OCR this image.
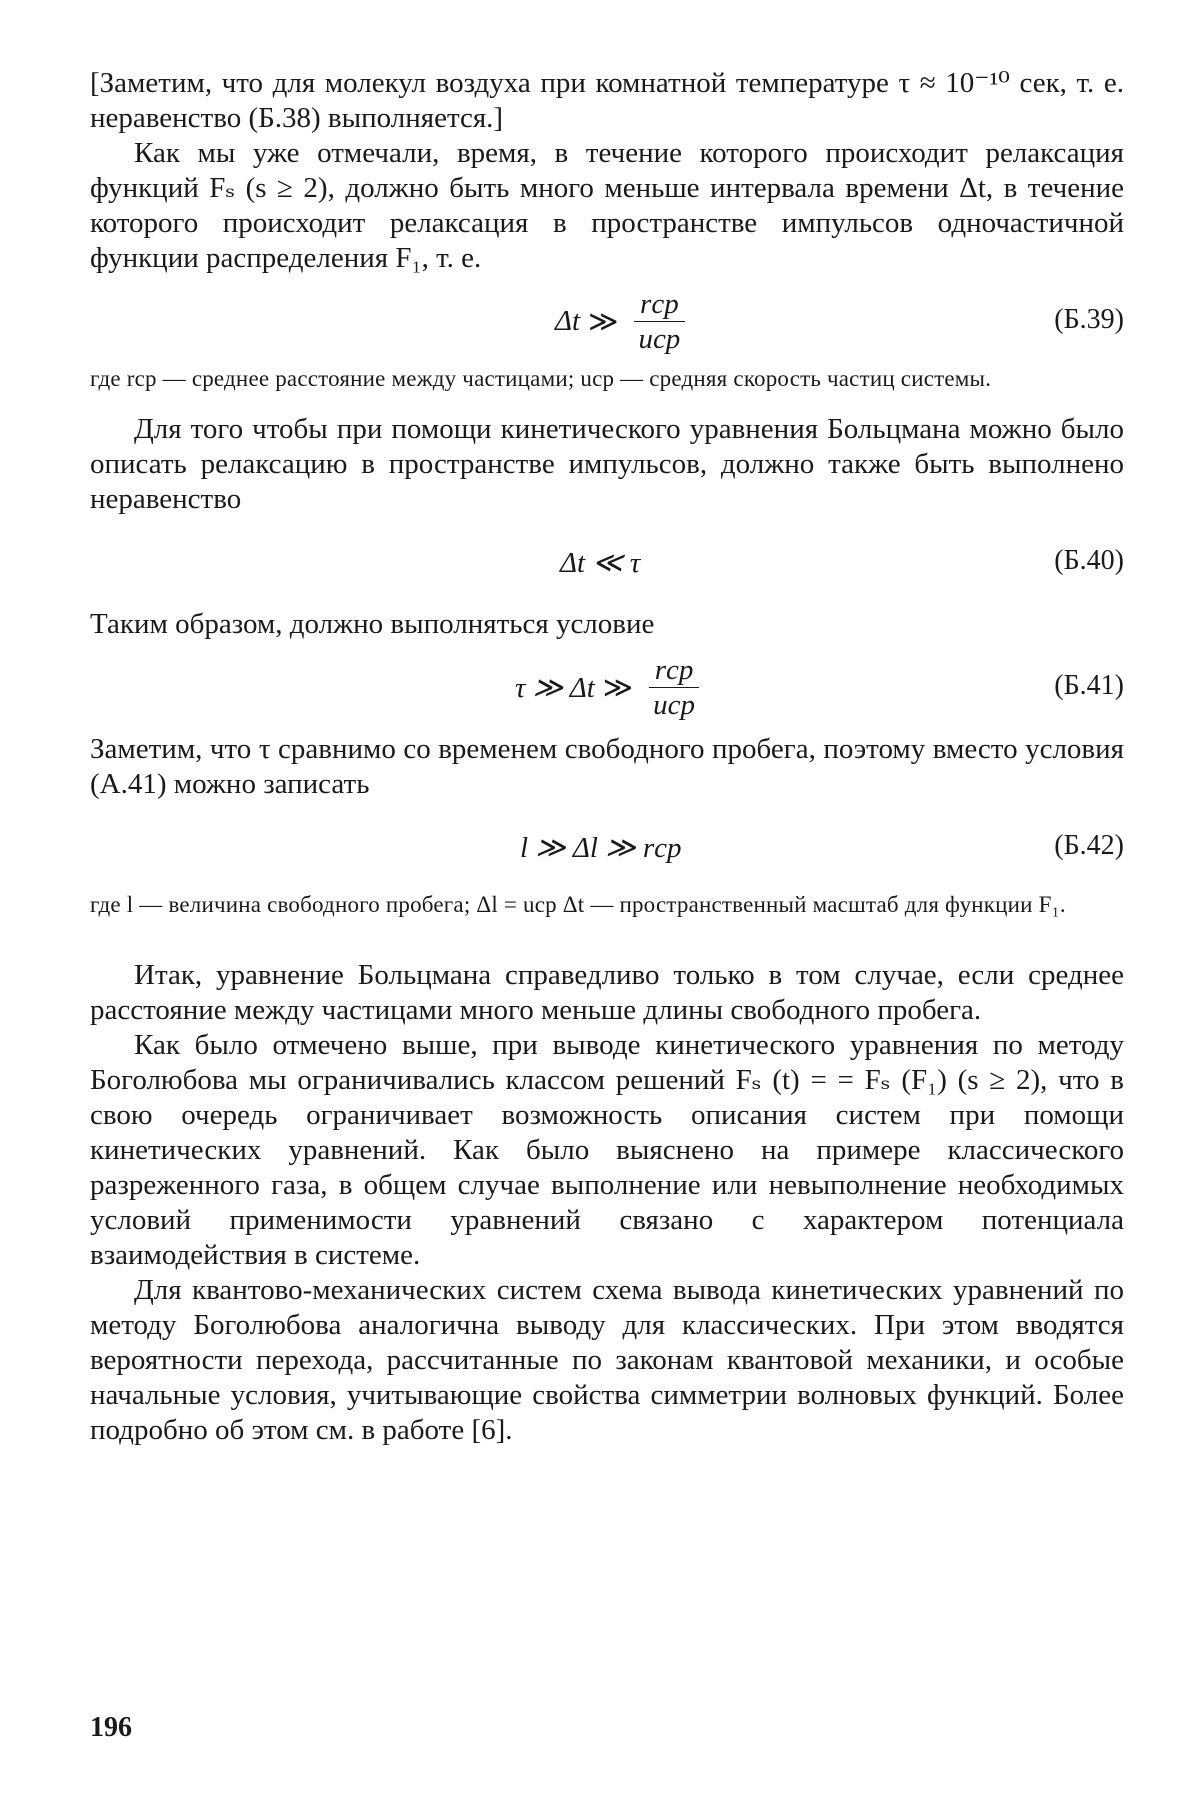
[Заметим, что для молекул воздуха при комнатной температуре τ ≈ 10⁻¹⁰ сек, т. е. неравенство (Б.38) выполняется.]

Как мы уже отмечали, время, в течение которого происходит релаксация функций Fₛ (s ≥ 2), должно быть много меньше интервала времени Δt, в течение которого происходит релаксация в пространстве импульсов одночастичной функции распределения F₁, т. е.

Δt ≫ $\frac{\text{rср}}{\text{uср}}$	(Б.39)

где rср — среднее расстояние между частицами; uср — средняя скорость частиц системы.

Для того чтобы при помощи кинетического уравнения Больцмана можно было описать релаксацию в пространстве импульсов, должно также быть выполнено неравенство

Δt ≪ τ	(Б.40)

Таким образом, должно выполняться условие

τ ≫ Δt ≫ $\frac{\text{rср}}{\text{uср}}$	(Б.41)

Заметим, что τ сравнимо со временем свободного пробега, поэтому вместо условия (А.41) можно записать

l ≫ Δl ≫ rср	(Б.42)

где l — величина свободного пробега; Δl = uср Δt — пространственный масштаб для функции F₁.

Итак, уравнение Больцмана справедливо только в том случае, если среднее расстояние между частицами много меньше длины свободного пробега.

Как было отмечено выше, при выводе кинетического уравнения по методу Боголюбова мы ограничивались классом решений Fₛ (t) = = Fₛ (F₁) (s ≥ 2), что в свою очередь ограничивает возможность описания систем при помощи кинетических уравнений. Как было выяснено на примере классического разреженного газа, в общем случае выполнение или невыполнение необходимых условий применимости уравнений связано с характером потенциала взаимодействия в системе.

Для квантово-механических систем схема вывода кинетических уравнений по методу Боголюбова аналогична выводу для классических. При этом вводятся вероятности перехода, рассчитанные по законам квантовой механики, и особые начальные условия, учитывающие свойства симметрии волновых функций. Более подробно об этом см. в работе [6].

196
